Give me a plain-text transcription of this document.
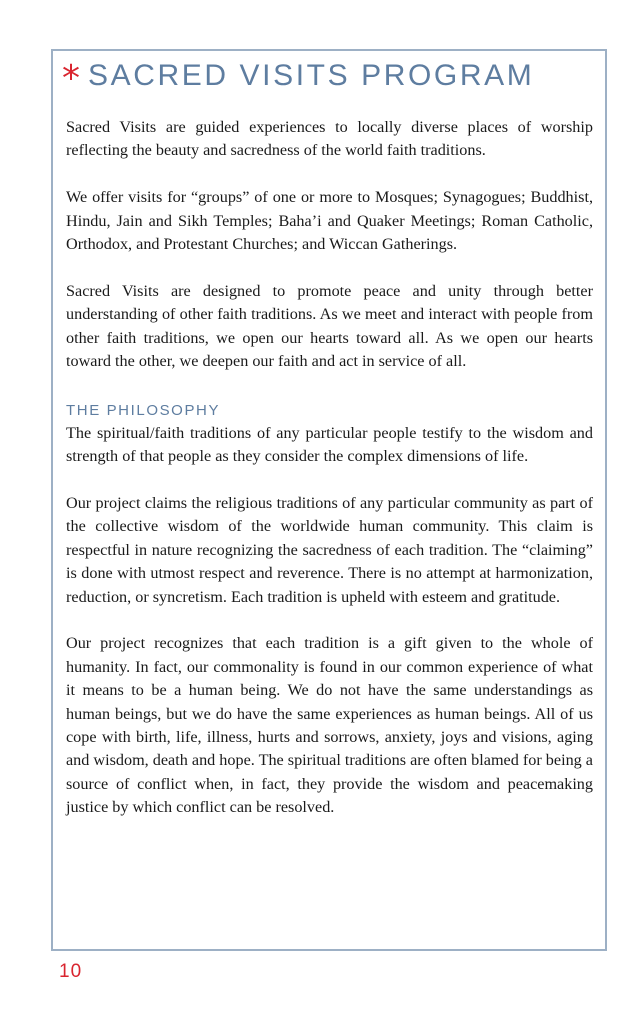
* SACRED VISITS PROGRAM

Sacred Visits are guided experiences to locally diverse places of worship reflecting the beauty and sacredness of the world faith traditions.

We offer visits for “groups” of one or more to Mosques; Synagogues; Buddhist, Hindu, Jain and Sikh Temples; Baha’i and Quaker Meetings; Roman Catholic, Orthodox, and Protestant Churches; and Wiccan Gatherings.

Sacred Visits are designed to promote peace and unity through better understanding of other faith traditions. As we meet and interact with people from other faith traditions, we open our hearts toward all. As we open our hearts toward the other, we deepen our faith and act in service of all.

THE PHILOSOPHY

The spiritual/faith traditions of any particular people testify to the wisdom and strength of that people as they consider the complex dimensions of life.

Our project claims the religious traditions of any particular community as part of the collective wisdom of the worldwide human community. This claim is respectful in nature recognizing the sacredness of each tradition. The “claiming” is done with utmost respect and reverence. There is no attempt at harmonization, reduction, or syncretism. Each tradition is upheld with esteem and gratitude.

Our project recognizes that each tradition is a gift given to the whole of humanity. In fact, our commonality is found in our common experience of what it means to be a human being. We do not have the same understandings as human beings, but we do have the same experiences as human beings. All of us cope with birth, life, illness, hurts and sorrows, anxiety, joys and visions, aging and wisdom, death and hope. The spiritual traditions are often blamed for being a source of conflict when, in fact, they provide the wisdom and peacemaking justice by which conflict can be resolved.

10
